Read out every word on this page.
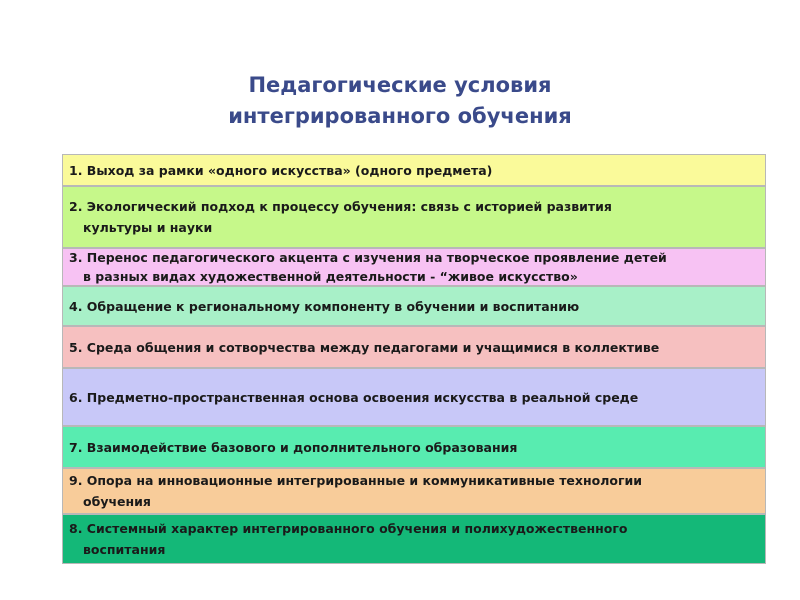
Педагогические условия
интегрированного обучения
1. Выход за рамки «одного искусства» (одного предмета)
2. Экологический подход к процессу обучения: связь с историей развития
культуры и науки
3. Перенос педагогического акцента с изучения на творческое проявление детей
в разных видах художественной деятельности - “живое искусство»
4. Обращение к региональному компоненту в обучении и воспитанию
5. Среда общения и сотворчества между педагогами и учащимися в коллективе
6. Предметно-пространственная основа освоения искусства в реальной среде
7. Взаимодействие базового и дополнительного образования
9. Опора на инновационные интегрированные и коммуникативные технологии
обучения
8. Системный характер интегрированного обучения и полихудожественного
воспитания
